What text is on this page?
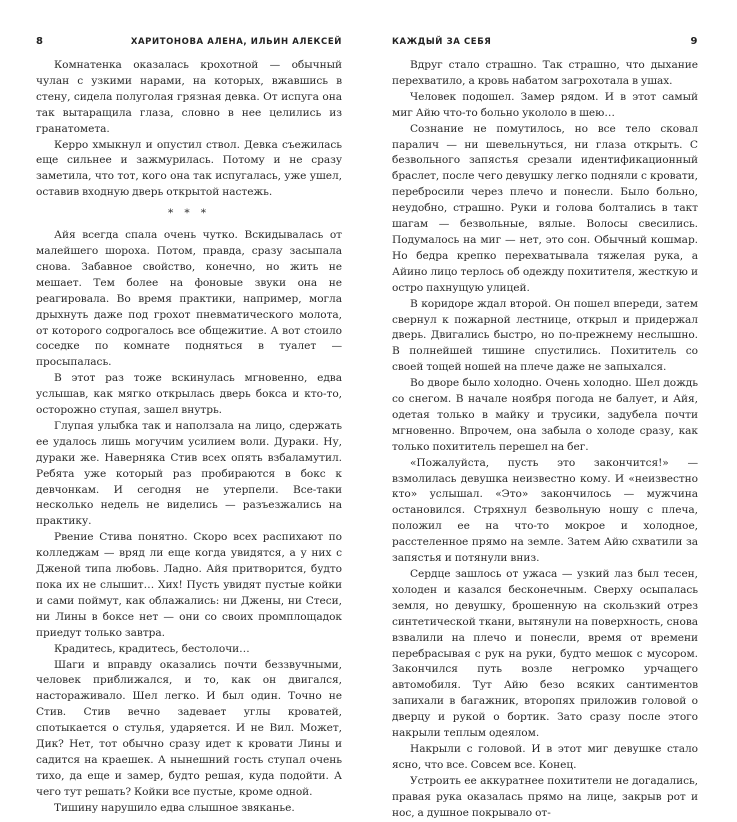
8	ХАРИТОНОВА АЛЕНА, ИЛЬИН АЛЕКСЕЙ

Комнатенка оказалась крохотной — обычный чулан с узкими нарами, на которых, вжавшись в стену, сидела полуголая грязная девка. От испуга она так вытаращила глаза, словно в нее целились из гранатомета.

Керро хмыкнул и опустил ствол. Девка съежилась еще сильнее и зажмурилась. Потому и не сразу заметила, что тот, кого она так испугалась, уже ушел, оставив входную дверь открытой настежь.

* * *

Айя всегда спала очень чутко. Вскидывалась от малейшего шороха. Потом, правда, сразу засыпала снова. Забавное свойство, конечно, но жить не мешает. Тем более на фоновые звуки она не реагировала. Во время практики, например, могла дрыхнуть даже под грохот пневматического молота, от которого содрогалось все общежитие. А вот стоило соседке по комнате подняться в туалет — просыпалась.

В этот раз тоже вскинулась мгновенно, едва услышав, как мягко открылась дверь бокса и кто-то, осторожно ступая, зашел внутрь.

Глупая улыбка так и наползала на лицо, сдержать ее удалось лишь могучим усилием воли. Дураки. Ну, дураки же. Наверняка Стив всех опять взбаламутил. Ребята уже который раз пробираются в бокс к девчонкам. И сегодня не утерпели. Все-таки несколько недель не виделись — разъезжались на практику.

Рвение Стива понятно. Скоро всех распихают по колледжам — вряд ли еще когда увидятся, а у них с Дженой типа любовь. Ладно. Айя притворится, будто пока их не слышит… Хих! Пусть увидят пустые койки и сами поймут, как облажались: ни Джены, ни Стеси, ни Лины в боксе нет — они со своих промплощадок приедут только завтра.

Крадитесь, крадитесь, бестолочи…

Шаги и вправду оказались почти беззвучными, человек приближался, и то, как он двигался, настораживало. Шел легко. И был один. Точно не Стив. Стив вечно задевает углы кроватей, спотыкается о стулья, ударяется. И не Вил. Может, Дик? Нет, тот обычно сразу идет к кровати Лины и садится на краешек. А нынешний гость ступал очень тихо, да еще и замер, будто решая, куда подойти. А чего тут решать? Койки все пустые, кроме одной.

Тишину нарушило едва слышное звяканье.

КАЖДЫЙ ЗА СЕБЯ	9

Вдруг стало страшно. Так страшно, что дыхание перехватило, а кровь набатом загрохотала в ушах.

Человек подошел. Замер рядом. И в этот самый миг Айю что-то больно укололо в шею…

Сознание не помутилось, но все тело сковал паралич — ни шевельнуться, ни глаза открыть. С безвольного запястья срезали идентификационный браслет, после чего девушку легко подняли с кровати, перебросили через плечо и понесли. Было больно, неудобно, страшно. Руки и голова болтались в такт шагам — безвольные, вялые. Волосы свесились. Подумалось на миг — нет, это сон. Обычный кошмар. Но бедра крепко перехватывала тяжелая рука, а Айино лицо терлось об одежду похитителя, жесткую и остро пахнущую улицей.

В коридоре ждал второй. Он пошел впереди, затем свернул к пожарной лестнице, открыл и придержал дверь. Двигались быстро, но по-прежнему неслышно. В полнейшей тишине спустились. Похититель со своей тощей ношей на плече даже не запыхался.

Во дворе было холодно. Очень холодно. Шел дождь со снегом. В начале ноября погода не балует, и Айя, одетая только в майку и трусики, задубела почти мгновенно. Впрочем, она забыла о холоде сразу, как только похититель перешел на бег.

«Пожалуйста, пусть это закончится!» — взмолилась девушка неизвестно кому. И «неизвестно кто» услышал. «Это» закончилось — мужчина остановился. Стряхнул безвольную ношу с плеча, положил ее на что-то мокрое и холодное, расстеленное прямо на земле. Затем Айю схватили за запястья и потянули вниз.

Сердце зашлось от ужаса — узкий лаз был тесен, холоден и казался бесконечным. Сверху осыпалась земля, но девушку, брошенную на скользкий отрез синтетической ткани, вытянули на поверхность, снова взвалили на плечо и понесли, время от времени перебрасывая с рук на руки, будто мешок с мусором. Закончился путь возле негромко урчащего автомобиля. Тут Айю безо всяких сантиментов запихали в багажник, второпях приложив головой о дверцу и рукой о бортик. Зато сразу после этого накрыли теплым одеялом.

Накрыли с головой. И в этот миг девушке стало ясно, что все. Совсем все. Конец.

Устроить ее аккуратнее похитители не догадались, правая рука оказалась прямо на лице, закрыв рот и нос, а душное покрывало от-
